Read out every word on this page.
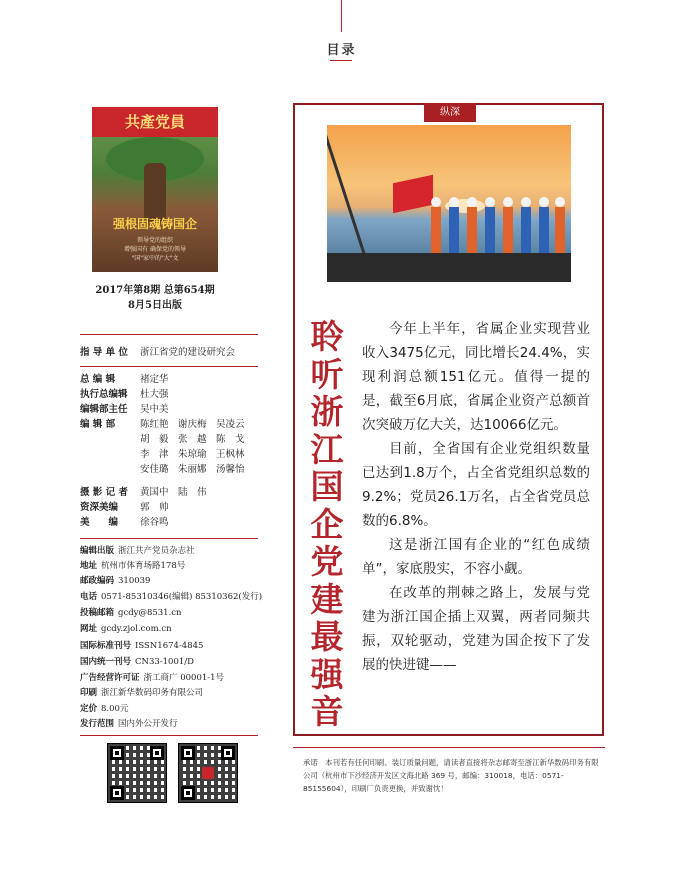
目录
共產党員
强根固魂铸国企
领导党的组织
增强国有 确保党的领导
"国"家中的"大"文
2017年第8期 总第654期
8月5日出版
指 导 单 位 浙江省党的建设研究会
总 编 辑	褚定华
执行总编辑 杜大强
编辑部主任 吴中美
编 辑 部	陈红艳　谢庆梅　吴凌云
胡　毅　张　越　陈　戈
李　津　朱琼瑜　王枫林
安佳璐　朱丽娜　汤馨怡
摄 影 记 者 黄国中　陆　伟
资深美编 郭　帅
美　　编 徐谷鸣
编辑出版 浙江共产党员杂志社
地址 杭州市体育场路178号
邮政编码 310039
电话 0571-85310346(编辑) 85310362(发行)
投稿邮箱 gcdy@8531.cn
网址 gcdy.zjol.com.cn
国际标准刊号 ISSN1674-4845
国内统一刊号 CN33-1001/D
广告经营许可证 浙工商广 00001-1号
印刷 浙江新华数码印务有限公司
定价 8.00元
发行范围 国内外公开发行
纵深
聆
听
浙
江
国
企
党
建
最
强
音

今年上半年，省属企业实现营业收入3475亿元，同比增长24.4%，实现利润总额151亿元。值得一提的是，截至6月底，省属企业资产总额首次突破万亿大关，达10066亿元。

目前，全省国有企业党组织数量已达到1.8万个，占全省党组织总数的9.2%；党员26.1万名，占全省党员总数的6.8%。

这是浙江国有企业的“红色成绩单”，家底殷实，不容小觑。

在改革的荆棘之路上，发展与党建为浙江国企插上双翼，两者同频共振，双轮驱动，党建为国企按下了发展的快进键——

承诺　本刊若有任何印刷、装订质量问题，请读者直接将杂志邮寄至浙江新华数码印务有限公司（杭州市下沙经济开发区文海北路 369 号，邮编：310018，电话：0571-85155604），印刷厂负责更换，并致谢忱！
